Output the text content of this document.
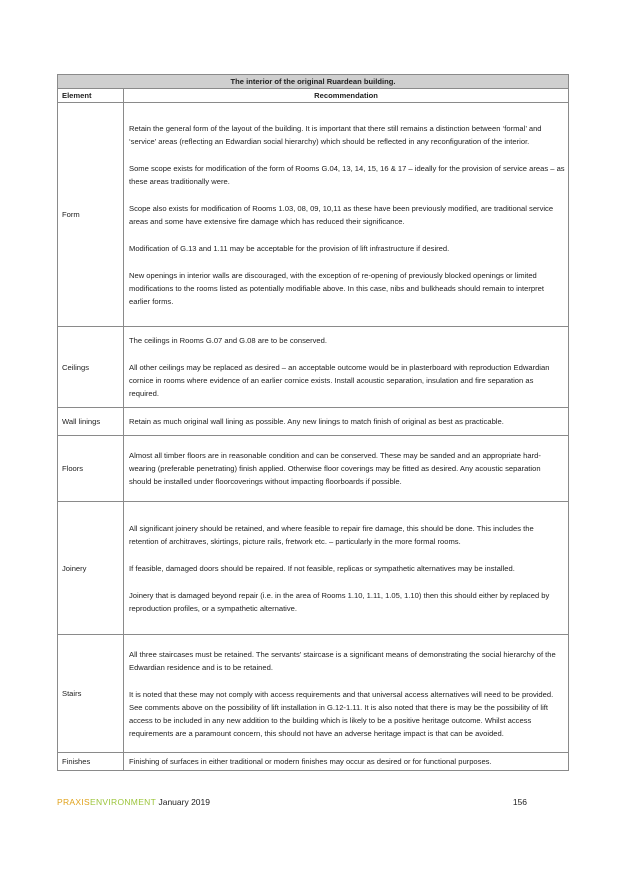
The interior of the original Ruardean building.	
Element	Recommendation
Form	Retain the general form of the layout of the building. It is important that there still remains a distinction between ‘formal’ and ‘service’ areas (reflecting an Edwardian social hierarchy) which should be reflected in any reconfiguration of the interior.

Some scope exists for modification of the form of Rooms G.04, 13, 14, 15, 16 & 17 – ideally for the provision of service areas – as these areas traditionally were.

Scope also exists for modification of Rooms 1.03, 08, 09, 10,11 as these have been previously modified, are traditional service areas and some have extensive fire damage which has reduced their significance.

Modification of G.13 and 1.11 may be acceptable for the provision of lift infrastructure if desired.

New openings in interior walls are discouraged, with the exception of re-opening of previously blocked openings or limited modifications to the rooms listed as potentially modifiable above. In this case, nibs and bulkheads should remain to interpret earlier forms.

Ceilings	The ceilings in Rooms G.07 and G.08 are to be conserved.

All other ceilings may be replaced as desired – an acceptable outcome would be in plasterboard with reproduction Edwardian cornice in rooms where evidence of an earlier cornice exists. Install acoustic separation, insulation and fire separation as required.

Wall linings	Retain as much original wall lining as possible. Any new linings to match finish of original as best as practicable.

Floors	Almost all timber floors are in reasonable condition and can be conserved. These may be sanded and an appropriate hard-wearing (preferable penetrating) finish applied. Otherwise floor coverings may be fitted as desired. Any acoustic separation should be installed under floorcoverings without impacting floorboards if possible.

Joinery	All significant joinery should be retained, and where feasible to repair fire damage, this should be done. This includes the retention of architraves, skirtings, picture rails, fretwork etc. – particularly in the more formal rooms.

If feasible, damaged doors should be repaired. If not feasible, replicas or sympathetic alternatives may be installed.

Joinery that is damaged beyond repair (i.e. in the area of Rooms 1.10, 1.11, 1.05, 1.10) then this should either by replaced by reproduction profiles, or a sympathetic alternative.

Stairs	All three staircases must be retained. The servants’ staircase is a significant means of demonstrating the social hierarchy of the Edwardian residence and is to be retained.

It is noted that these may not comply with access requirements and that universal access alternatives will need to be provided. See comments above on the possibility of lift installation in G.12-1.11. It is also noted that there is may be the possibility of lift access to be included in any new addition to the building which is likely to be a positive heritage outcome. Whilst access requirements are a paramount concern, this should not have an adverse heritage impact is that can be avoided.

Finishes	Finishing of surfaces in either traditional or modern finishes may occur as desired or for functional purposes.

PRAXISENVIRONMENT January 2019	156
